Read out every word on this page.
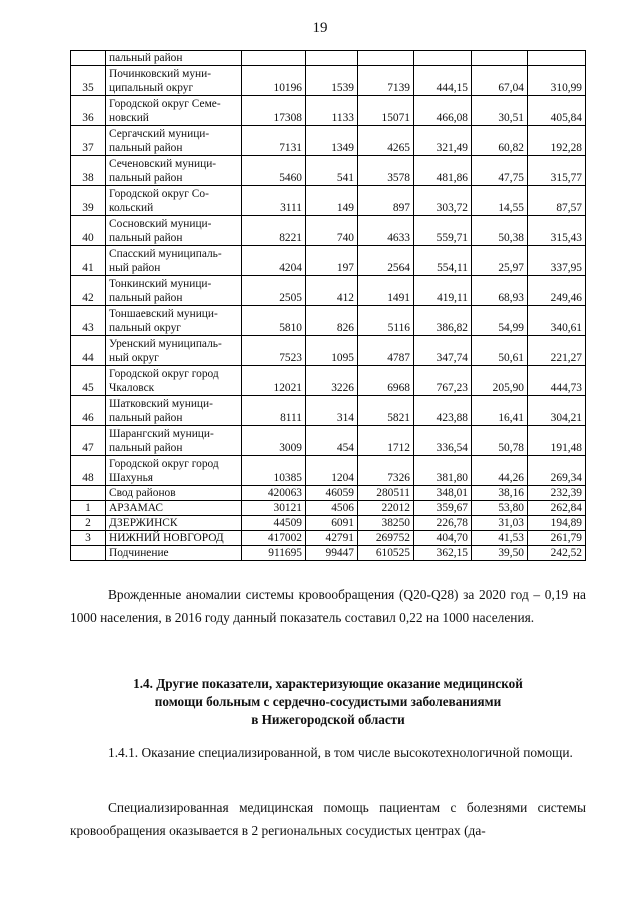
19
	пальный район						
35	Починковский муни-
ципальный округ	10196	1539	7139	444,15	67,04	310,99
36	Городской округ Семе-
новский	17308	1133	15071	466,08	30,51	405,84
37	Сергачский муници-
пальный район	7131	1349	4265	321,49	60,82	192,28
38	Сеченовский муници-
пальный район	5460	541	3578	481,86	47,75	315,77
39	Городской округ Со-
кольский	3111	149	897	303,72	14,55	87,57
40	Сосновский муници-
пальный район	8221	740	4633	559,71	50,38	315,43
41	Спасский муниципаль-
ный район	4204	197	2564	554,11	25,97	337,95
42	Тонкинский муници-
пальный район	2505	412	1491	419,11	68,93	249,46
43	Тоншаевский муници-
пальный округ	5810	826	5116	386,82	54,99	340,61
44	Уренский муниципаль-
ный округ	7523	1095	4787	347,74	50,61	221,27
45	Городской округ город
Чкаловск	12021	3226	6968	767,23	205,90	444,73
46	Шатковский муници-
пальный район	8111	314	5821	423,88	16,41	304,21
47	Шарангский муници-
пальный район	3009	454	1712	336,54	50,78	191,48
48	Городской округ город
Шахунья	10385	1204	7326	381,80	44,26	269,34
	Свод районов	420063	46059	280511	348,01	38,16	232,39
1	АРЗАМАС	30121	4506	22012	359,67	53,80	262,84
2	ДЗЕРЖИНСК	44509	6091	38250	226,78	31,03	194,89
3	НИЖНИЙ НОВГОРОД	417002	42791	269752	404,70	41,53	261,79
	Подчинение	911695	99447	610525	362,15	39,50	242,52
Врожденные аномалии системы кровообращения (Q20-Q28) за 2020 год – 0,19 на 1000 населения, в 2016 году данный показатель составил 0,22 на 1000 населения.
1.4. Другие показатели, характеризующие оказание медицинской
помощи больным с сердечно-сосудистыми заболеваниями
в Нижегородской области
1.4.1. Оказание специализированной, в том числе высокотехнологичной помощи.
Специализированная медицинская помощь пациентам с болезнями системы кровообращения оказывается в 2 региональных сосудистых центрах (да-
